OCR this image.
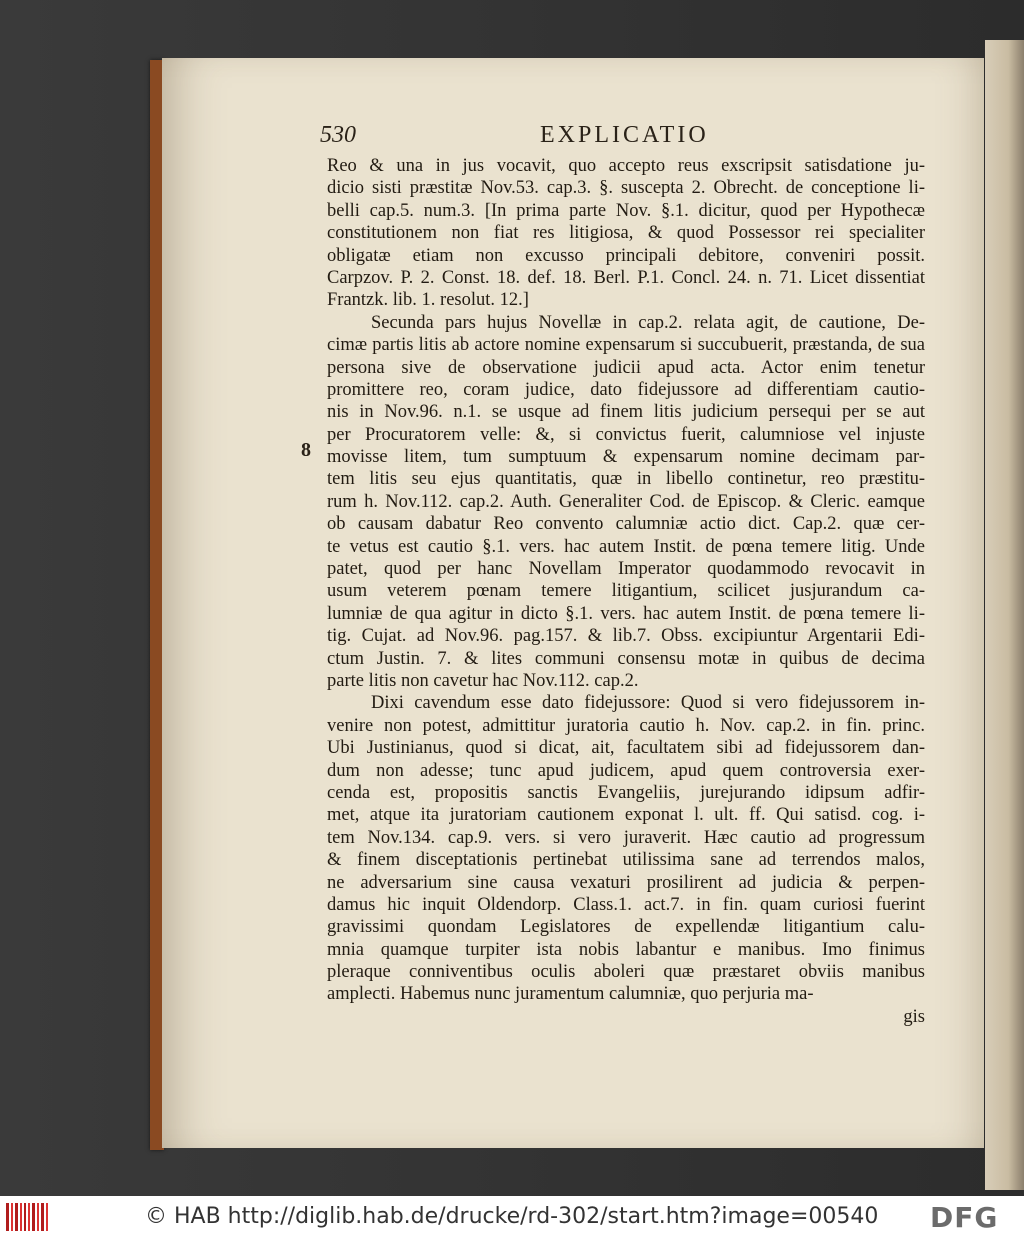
530	EXPLICATIO
8
Reo & una in jus vocavit, quo accepto reus exscripsit satisdatione ju-
dicio sisti præstitæ Nov.53. cap.3. §. suscepta 2. Obrecht. de conceptione li-
belli cap.5. num.3. [In prima parte Nov. §.1. dicitur, quod per Hypothecæ
constitutionem non fiat res litigiosa, & quod Possessor rei specialiter
obligatæ etiam non excusso principali debitore, conveniri possit.
Carpzov. P. 2. Const. 18. def. 18. Berl. P.1. Concl. 24. n. 71. Licet dissentiat
Frantzk. lib. 1. resolut. 12.]
Secunda pars hujus Novellæ in cap.2. relata agit, de cautione, De-
cimæ partis litis ab actore nomine expensarum si succubuerit, præstanda, de sua
persona sive de observatione judicii apud acta. Actor enim tenetur
promittere reo, coram judice, dato fidejussore ad differentiam cautio-
nis in Nov.96. n.1. se usque ad finem litis judicium persequi per se aut
per Procuratorem velle: &, si convictus fuerit, calumniose vel injuste
movisse litem, tum sumptuum & expensarum nomine decimam par-
tem litis seu ejus quantitatis, quæ in libello continetur, reo præstitu-
rum h. Nov.112. cap.2. Auth. Generaliter Cod. de Episcop. & Cleric. eamque
ob causam dabatur Reo convento calumniæ actio dict. Cap.2. quæ cer-
te vetus est cautio §.1. vers. hac autem Instit. de pœna temere litig. Unde
patet, quod per hanc Novellam Imperator quodammodo revocavit in
usum veterem pœnam temere litigantium, scilicet jusjurandum ca-
lumniæ de qua agitur in dicto §.1. vers. hac autem Instit. de pœna temere li-
tig. Cujat. ad Nov.96. pag.157. & lib.7. Obss. excipiuntur Argentarii Edi-
ctum Justin. 7. & lites communi consensu motæ in quibus de decima
parte litis non cavetur hac Nov.112. cap.2.
Dixi cavendum esse dato fidejussore: Quod si vero fidejussorem in-
venire non potest, admittitur juratoria cautio h. Nov. cap.2. in fin. princ.
Ubi Justinianus, quod si dicat, ait, facultatem sibi ad fidejussorem dan-
dum non adesse; tunc apud judicem, apud quem controversia exer-
cenda est, propositis sanctis Evangeliis, jurejurando idipsum adfir-
met, atque ita juratoriam cautionem exponat l. ult. ff. Qui satisd. cog. i-
tem Nov.134. cap.9. vers. si vero juraverit. Hæc cautio ad progressum
& finem disceptationis pertinebat utilissima sane ad terrendos malos,
ne adversarium sine causa vexaturi prosilirent ad judicia & perpen-
damus hic inquit Oldendorp. Class.1. act.7. in fin. quam curiosi fuerint
gravissimi quondam Legislatores de expellendæ litigantium calu-
mnia quamque turpiter ista nobis labantur e manibus. Imo finimus
pleraque conniventibus oculis aboleri quæ præstaret obviis manibus
amplecti. Habemus nunc juramentum calumniæ, quo perjuria ma-
gis
© HAB http://diglib.hab.de/drucke/rd-302/start.htm?image=00540 DFG
